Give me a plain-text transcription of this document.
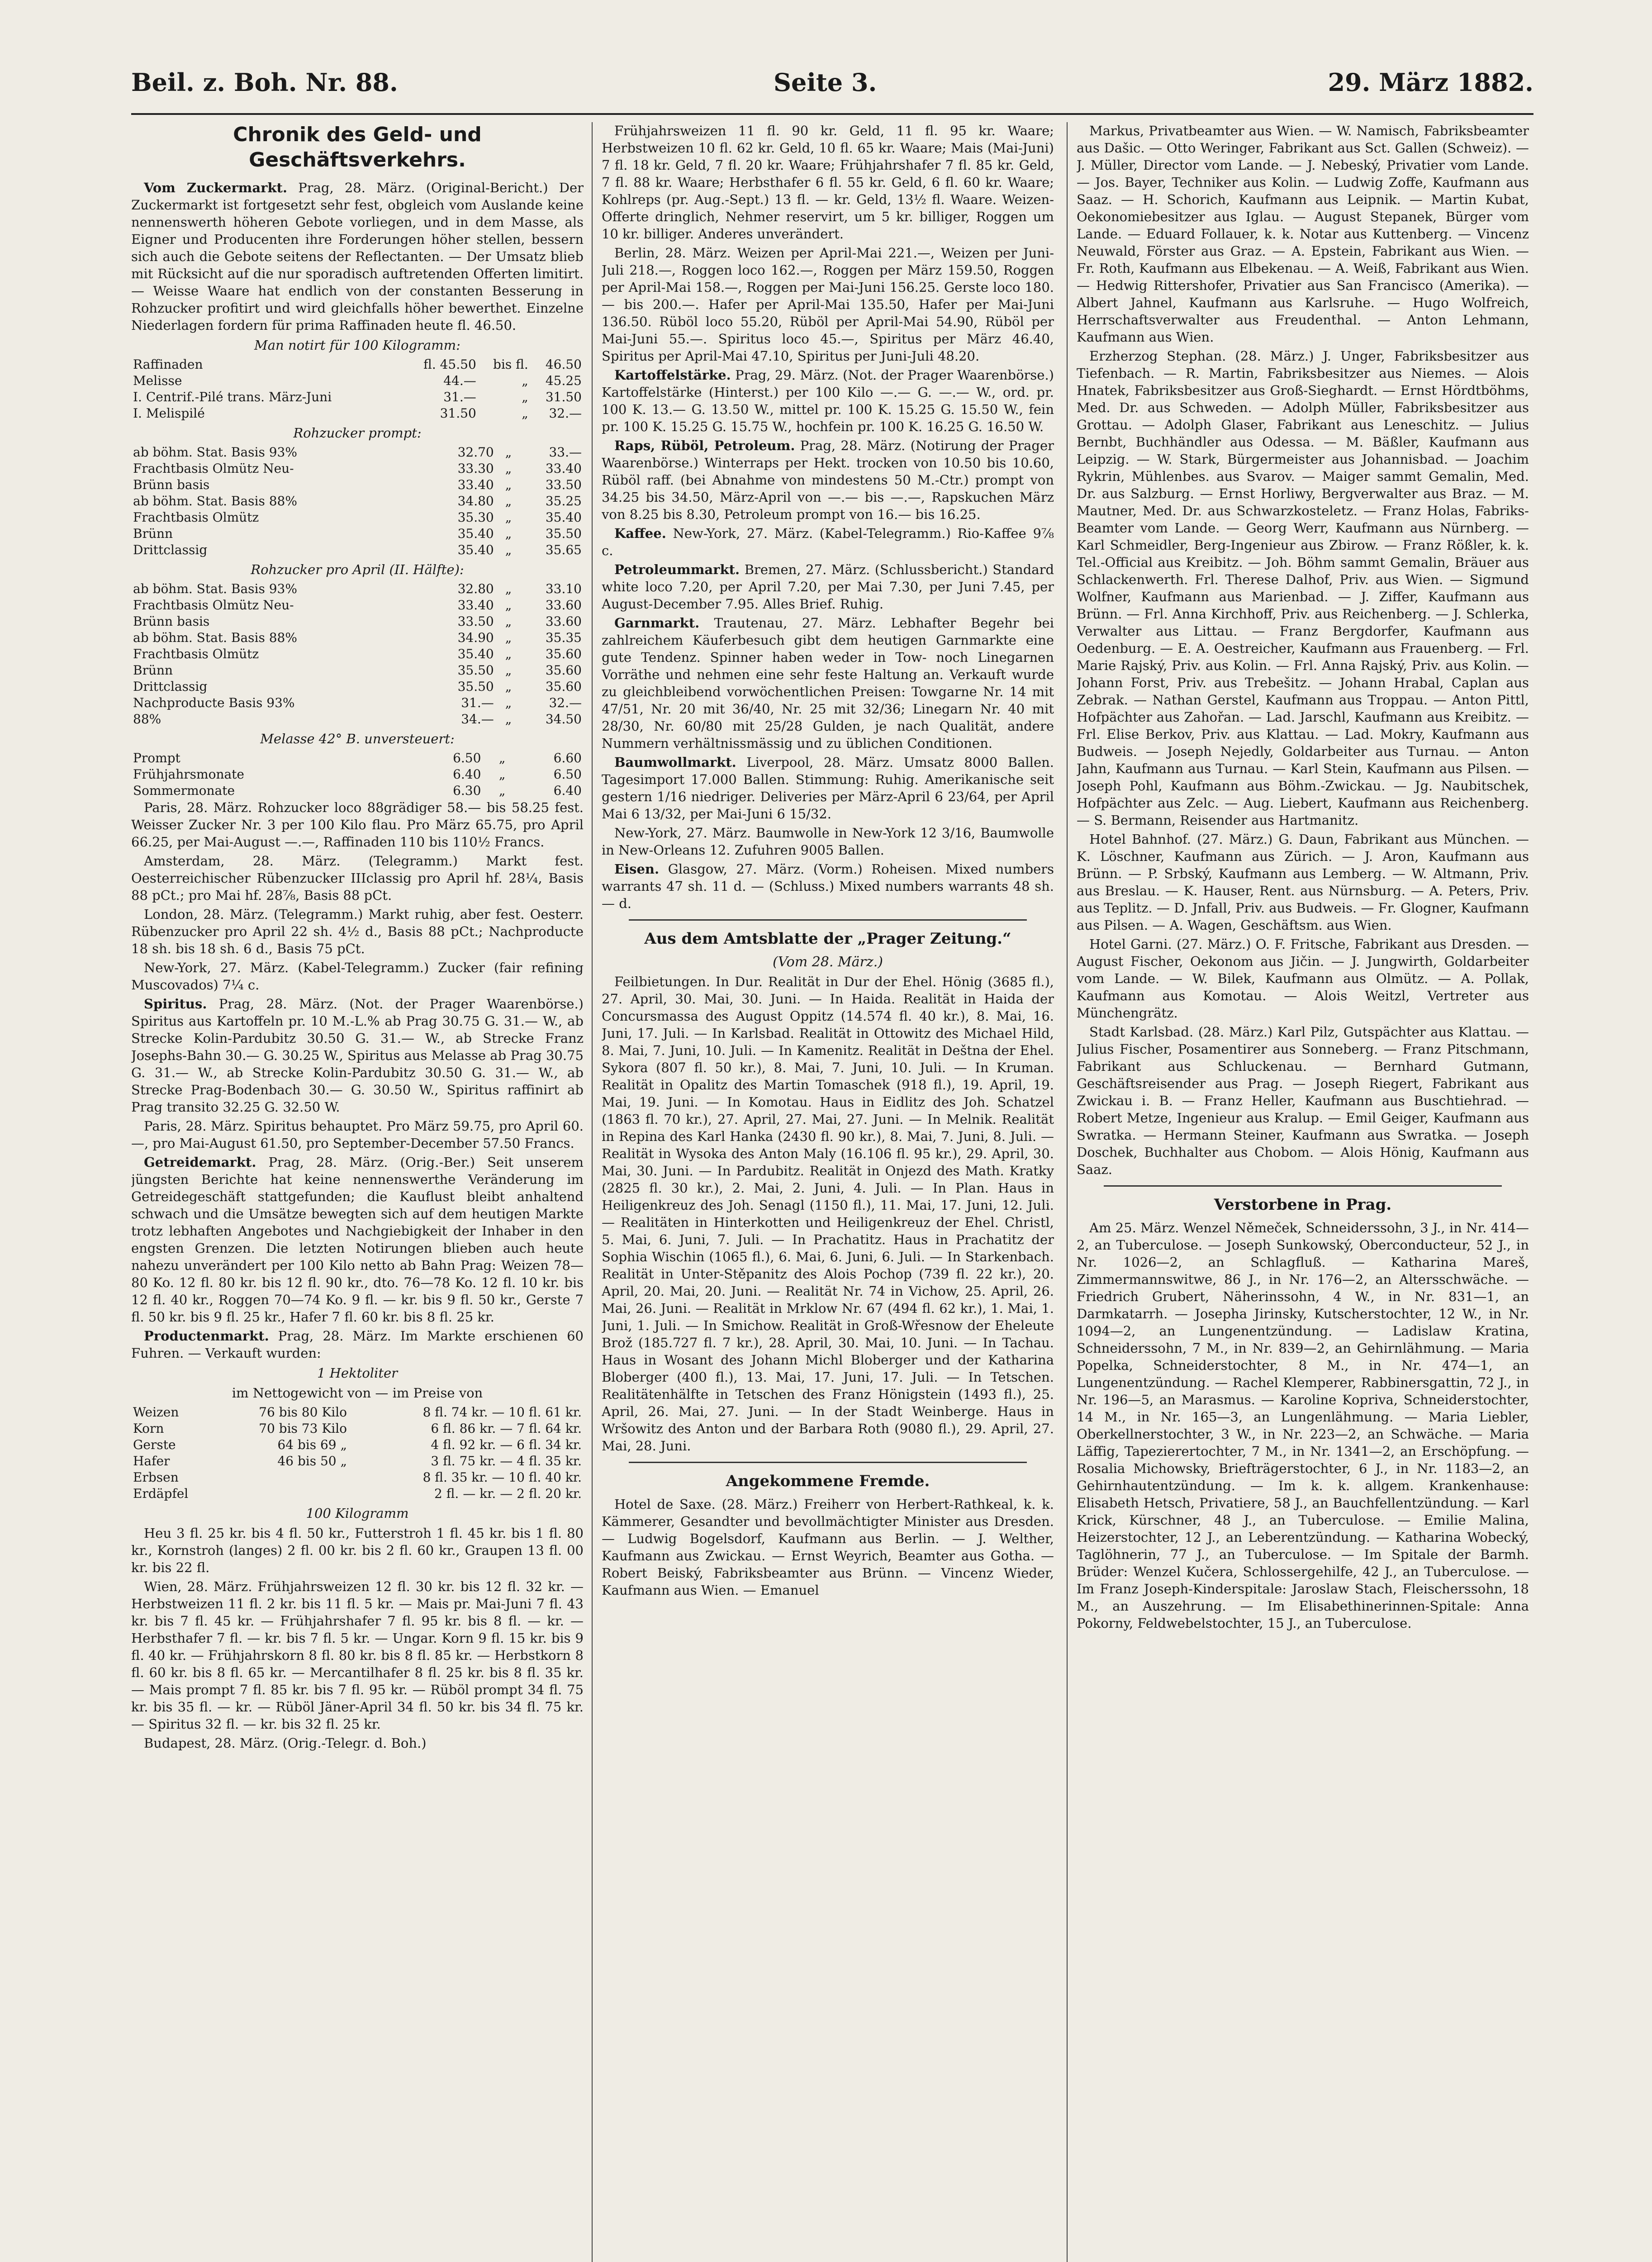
Beil. z. Boh. Nr. 88.	Seite 3.	29. März 1882.
Chronik des Geld- und Geschäftsverkehrs.

Vom Zuckermarkt. Prag, 28. März. (Original-Bericht.) Der Zuckermarkt ist fortgesetzt sehr fest, obgleich vom Auslande keine nennenswerth höheren Gebote vorliegen, und in dem Masse, als Eigner und Producenten ihre Forderungen höher stellen, bessern sich auch die Gebote seitens der Reflectanten. — Der Umsatz blieb mit Rücksicht auf die nur sporadisch auftretenden Offerten limitirt. — Weisse Waare hat endlich von der constanten Besserung in Rohzucker profitirt und wird gleichfalls höher bewerthet. Einzelne Niederlagen fordern für prima Raffinaden heute fl. 46.50.

Man notirt für 100 Kilogramm:

Raffinaden	fl. 45.50	bis fl.	46.50
Melisse	44.—	„	45.25
I. Centrif.-Pilé trans. März-Juni	31.—	„	31.50
I. Melispilé	31.50	„	32.—

Rohzucker prompt:

ab böhm. Stat. Basis 93%	32.70	„	33.—
Frachtbasis Olmütz Neu-	33.30	„	33.40
Brünn basis	33.40	„	33.50
ab böhm. Stat. Basis 88%	34.80	„	35.25
Frachtbasis Olmütz	35.30	„	35.40
Brünn	35.40	„	35.50
Drittclassig	35.40	„	35.65

Rohzucker pro April (II. Hälfte):

ab böhm. Stat. Basis 93%	32.80	„	33.10
Frachtbasis Olmütz Neu-	33.40	„	33.60
Brünn basis	33.50	„	33.60
ab böhm. Stat. Basis 88%	34.90	„	35.35
Frachtbasis Olmütz	35.40	„	35.60
Brünn	35.50	„	35.60
Drittclassig	35.50	„	35.60
Nachproducte Basis 93%	31.—	„	32.—
88%	34.—	„	34.50

Melasse 42° B. unversteuert:

Prompt	6.50	„	6.60
Frühjahrsmonate	6.40	„	6.50
Sommermonate	6.30	„	6.40

Paris, 28. März. Rohzucker loco 88grädiger 58.— bis 58.25 fest. Weisser Zucker Nr. 3 per 100 Kilo flau. Pro März 65.75, pro April 66.25, per Mai-August —.—, Raffinaden 110 bis 110½ Francs.

Amsterdam, 28. März. (Telegramm.) Markt fest. Oesterreichischer Rübenzucker IIIclassig pro April hf. 28¼, Basis 88 pCt.; pro Mai hf. 28⅞, Basis 88 pCt.

London, 28. März. (Telegramm.) Markt ruhig, aber fest. Oesterr. Rübenzucker pro April 22 sh. 4½ d., Basis 88 pCt.; Nachproducte 18 sh. bis 18 sh. 6 d., Basis 75 pCt.

New-York, 27. März. (Kabel-Telegramm.) Zucker (fair refining Muscovados) 7¼ c.

Spiritus. Prag, 28. März. (Not. der Prager Waarenbörse.) Spiritus aus Kartoffeln pr. 10 M.-L.% ab Prag 30.75 G. 31.— W., ab Strecke Kolin-Pardubitz 30.50 G. 31.— W., ab Strecke Franz Josephs-Bahn 30.— G. 30.25 W., Spiritus aus Melasse ab Prag 30.75 G. 31.— W., ab Strecke Kolin-Pardubitz 30.50 G. 31.— W., ab Strecke Prag-Bodenbach 30.— G. 30.50 W., Spiritus raffinirt ab Prag transito 32.25 G. 32.50 W.

Paris, 28. März. Spiritus behauptet. Pro März 59.75, pro April 60.—, pro Mai-August 61.50, pro September-December 57.50 Francs.

Getreidemarkt. Prag, 28. März. (Orig.-Ber.) Seit unserem jüngsten Berichte hat keine nennenswerthe Veränderung im Getreidegeschäft stattgefunden; die Kauflust bleibt anhaltend schwach und die Umsätze bewegten sich auf dem heutigen Markte trotz lebhaften Angebotes und Nachgiebigkeit der Inhaber in den engsten Grenzen. Die letzten Notirungen blieben auch heute nahezu unverändert per 100 Kilo netto ab Bahn Prag: Weizen 78—80 Ko. 12 fl. 80 kr. bis 12 fl. 90 kr., dto. 76—78 Ko. 12 fl. 10 kr. bis 12 fl. 40 kr., Roggen 70—74 Ko. 9 fl. — kr. bis 9 fl. 50 kr., Gerste 7 fl. 50 kr. bis 9 fl. 25 kr., Hafer 7 fl. 60 kr. bis 8 fl. 25 kr.

Productenmarkt. Prag, 28. März. Im Markte erschienen 60 Fuhren. — Verkauft wurden:

1 Hektoliter

im Nettogewicht von — im Preise von

Weizen	76 bis 80 Kilo	8 fl. 74 kr. — 10 fl. 61 kr.
Korn	70 bis 73 Kilo	6 fl. 86 kr. — 7 fl. 64 kr.
Gerste	64 bis 69 „	4 fl. 92 kr. — 6 fl. 34 kr.
Hafer	46 bis 50 „	3 fl. 75 kr. — 4 fl. 35 kr.
Erbsen		8 fl. 35 kr. — 10 fl. 40 kr.
Erdäpfel		2 fl. — kr. — 2 fl. 20 kr.

100 Kilogramm

Heu 3 fl. 25 kr. bis 4 fl. 50 kr., Futterstroh 1 fl. 45 kr. bis 1 fl. 80 kr., Kornstroh (langes) 2 fl. 00 kr. bis 2 fl. 60 kr., Graupen 13 fl. 00 kr. bis 22 fl.

Wien, 28. März. Frühjahrsweizen 12 fl. 30 kr. bis 12 fl. 32 kr. — Herbstweizen 11 fl. 2 kr. bis 11 fl. 5 kr. — Mais pr. Mai-Juni 7 fl. 43 kr. bis 7 fl. 45 kr. — Frühjahrshafer 7 fl. 95 kr. bis 8 fl. — kr. — Herbsthafer 7 fl. — kr. bis 7 fl. 5 kr. — Ungar. Korn 9 fl. 15 kr. bis 9 fl. 40 kr. — Frühjahrskorn 8 fl. 80 kr. bis 8 fl. 85 kr. — Herbstkorn 8 fl. 60 kr. bis 8 fl. 65 kr. — Mercantilhafer 8 fl. 25 kr. bis 8 fl. 35 kr. — Mais prompt 7 fl. 85 kr. bis 7 fl. 95 kr. — Rüböl prompt 34 fl. 75 kr. bis 35 fl. — kr. — Rüböl Jäner-April 34 fl. 50 kr. bis 34 fl. 75 kr. — Spiritus 32 fl. — kr. bis 32 fl. 25 kr.

Budapest, 28. März. (Orig.-Telegr. d. Boh.)

Frühjahrsweizen 11 fl. 90 kr. Geld, 11 fl. 95 kr. Waare; Herbstweizen 10 fl. 62 kr. Geld, 10 fl. 65 kr. Waare; Mais (Mai-Juni) 7 fl. 18 kr. Geld, 7 fl. 20 kr. Waare; Frühjahrshafer 7 fl. 85 kr. Geld, 7 fl. 88 kr. Waare; Herbsthafer 6 fl. 55 kr. Geld, 6 fl. 60 kr. Waare; Kohlreps (pr. Aug.-Sept.) 13 fl. — kr. Geld, 13½ fl. Waare. Weizen-Offerte dringlich, Nehmer reservirt, um 5 kr. billiger, Roggen um 10 kr. billiger. Anderes unverändert.

Berlin, 28. März. Weizen per April-Mai 221.—, Weizen per Juni-Juli 218.—, Roggen loco 162.—, Roggen per März 159.50, Roggen per April-Mai 158.—, Roggen per Mai-Juni 156.25. Gerste loco 180.— bis 200.—. Hafer per April-Mai 135.50, Hafer per Mai-Juni 136.50. Rüböl loco 55.20, Rüböl per April-Mai 54.90, Rüböl per Mai-Juni 55.—. Spiritus loco 45.—, Spiritus per März 46.40, Spiritus per April-Mai 47.10, Spiritus per Juni-Juli 48.20.

Kartoffelstärke. Prag, 29. März. (Not. der Prager Waarenbörse.) Kartoffelstärke (Hinterst.) per 100 Kilo —.— G. —.— W., ord. pr. 100 K. 13.— G. 13.50 W., mittel pr. 100 K. 15.25 G. 15.50 W., fein pr. 100 K. 15.25 G. 15.75 W., hochfein pr. 100 K. 16.25 G. 16.50 W.

Raps, Rüböl, Petroleum. Prag, 28. März. (Notirung der Prager Waarenbörse.) Winterraps per Hekt. trocken von 10.50 bis 10.60, Rüböl raff. (bei Abnahme von mindestens 50 M.-Ctr.) prompt von 34.25 bis 34.50, März-April von —.— bis —.—, Rapskuchen März von 8.25 bis 8.30, Petroleum prompt von 16.— bis 16.25.

Kaffee. New-York, 27. März. (Kabel-Telegramm.) Rio-Kaffee 9⅞ c.

Petroleummarkt. Bremen, 27. März. (Schlussbericht.) Standard white loco 7.20, per April 7.20, per Mai 7.30, per Juni 7.45, per August-December 7.95. Alles Brief. Ruhig.

Garnmarkt. Trautenau, 27. März. Lebhafter Begehr bei zahlreichem Käuferbesuch gibt dem heutigen Garnmarkte eine gute Tendenz. Spinner haben weder in Tow- noch Linegarnen Vorräthe und nehmen eine sehr feste Haltung an. Verkauft wurde zu gleichbleibend vorwöchentlichen Preisen: Towgarne Nr. 14 mit 47/51, Nr. 20 mit 36/40, Nr. 25 mit 32/36; Linegarn Nr. 40 mit 28/30, Nr. 60/80 mit 25/28 Gulden, je nach Qualität, andere Nummern verhältnissmässig und zu üblichen Conditionen.

Baumwollmarkt. Liverpool, 28. März. Umsatz 8000 Ballen. Tagesimport 17.000 Ballen. Stimmung: Ruhig. Amerikanische seit gestern 1/16 niedriger. Deliveries per März-April 6 23/64, per April Mai 6 13/32, per Mai-Juni 6 15/32.

New-York, 27. März. Baumwolle in New-York 12 3/16, Baumwolle in New-Orleans 12. Zufuhren 9005 Ballen.

Eisen. Glasgow, 27. März. (Vorm.) Roheisen. Mixed numbers warrants 47 sh. 11 d. — (Schluss.) Mixed numbers warrants 48 sh. — d.

Aus dem Amtsblatte der „Prager Zeitung.“
(Vom 28. März.)

Feilbietungen. In Dur. Realität in Dur der Ehel. Hönig (3685 fl.), 27. April, 30. Mai, 30. Juni. — In Haida. Realität in Haida der Concursmassa des August Oppitz (14.574 fl. 40 kr.), 8. Mai, 16. Juni, 17. Juli. — In Karlsbad. Realität in Ottowitz des Michael Hild, 8. Mai, 7. Juni, 10. Juli. — In Kamenitz. Realität in Deštna der Ehel. Sykora (807 fl. 50 kr.), 8. Mai, 7. Juni, 10. Juli. — In Kruman. Realität in Opalitz des Martin Tomaschek (918 fl.), 19. April, 19. Mai, 19. Juni. — In Komotau. Haus in Eidlitz des Joh. Schatzel (1863 fl. 70 kr.), 27. April, 27. Mai, 27. Juni. — In Melnik. Realität in Repina des Karl Hanka (2430 fl. 90 kr.), 8. Mai, 7. Juni, 8. Juli. — Realität in Wysoka des Anton Maly (16.106 fl. 95 kr.), 29. April, 30. Mai, 30. Juni. — In Pardubitz. Realität in Onjezd des Math. Kratky (2825 fl. 30 kr.), 2. Mai, 2. Juni, 4. Juli. — In Plan. Haus in Heiligenkreuz des Joh. Senagl (1150 fl.), 11. Mai, 17. Juni, 12. Juli. — Realitäten in Hinterkotten und Heiligenkreuz der Ehel. Christl, 5. Mai, 6. Juni, 7. Juli. — In Prachatitz. Haus in Prachatitz der Sophia Wischin (1065 fl.), 6. Mai, 6. Juni, 6. Juli. — In Starkenbach. Realität in Unter-Stěpanitz des Alois Pochop (739 fl. 22 kr.), 20. April, 20. Mai, 20. Juni. — Realität Nr. 74 in Vichow, 25. April, 26. Mai, 26. Juni. — Realität in Mrklow Nr. 67 (494 fl. 62 kr.), 1. Mai, 1. Juni, 1. Juli. — In Smichow. Realität in Groß-Wřesnow der Eheleute Brož (185.727 fl. 7 kr.), 28. April, 30. Mai, 10. Juni. — In Tachau. Haus in Wosant des Johann Michl Bloberger und der Katharina Bloberger (400 fl.), 13. Mai, 17. Juni, 17. Juli. — In Tetschen. Realitätenhälfte in Tetschen des Franz Hönigstein (1493 fl.), 25. April, 26. Mai, 27. Juni. — In der Stadt Weinberge. Haus in Wršowitz des Anton und der Barbara Roth (9080 fl.), 29. April, 27. Mai, 28. Juni.

Angekommene Fremde.

Hotel de Saxe. (28. März.) Freiherr von Herbert-Rathkeal, k. k. Kämmerer, Gesandter und bevollmächtigter Minister aus Dresden. — Ludwig Bogelsdorf, Kaufmann aus Berlin. — J. Welther, Kaufmann aus Zwickau. — Ernst Weyrich, Beamter aus Gotha. — Robert Beiský, Fabriksbeamter aus Brünn. — Vincenz Wieder, Kaufmann aus Wien. — Emanuel

Markus, Privatbeamter aus Wien. — W. Namisch, Fabriksbeamter aus Dašic. — Otto Weringer, Fabrikant aus Sct. Gallen (Schweiz). — J. Müller, Director vom Lande. — J. Nebeský, Privatier vom Lande. — Jos. Bayer, Techniker aus Kolin. — Ludwig Zoffe, Kaufmann aus Saaz. — H. Schorich, Kaufmann aus Leipnik. — Martin Kubat, Oekonomiebesitzer aus Iglau. — August Stepanek, Bürger vom Lande. — Eduard Follauer, k. k. Notar aus Kuttenberg. — Vincenz Neuwald, Förster aus Graz. — A. Epstein, Fabrikant aus Wien. — Fr. Roth, Kaufmann aus Elbekenau. — A. Weiß, Fabrikant aus Wien. — Hedwig Rittershofer, Privatier aus San Francisco (Amerika). — Albert Jahnel, Kaufmann aus Karlsruhe. — Hugo Wolfreich, Herrschaftsverwalter aus Freudenthal. — Anton Lehmann, Kaufmann aus Wien.

Erzherzog Stephan. (28. März.) J. Unger, Fabriksbesitzer aus Tiefenbach. — R. Martin, Fabriksbesitzer aus Niemes. — Alois Hnatek, Fabriksbesitzer aus Groß-Sieghardt. — Ernst Hördtböhms, Med. Dr. aus Schweden. — Adolph Müller, Fabriksbesitzer aus Grottau. — Adolph Glaser, Fabrikant aus Leneschitz. — Julius Bernbt, Buchhändler aus Odessa. — M. Bäßler, Kaufmann aus Leipzig. — W. Stark, Bürgermeister aus Johannisbad. — Joachim Rykrin, Mühlenbes. aus Svarov. — Maiger sammt Gemalin, Med. Dr. aus Salzburg. — Ernst Horliwy, Bergverwalter aus Braz. — M. Mautner, Med. Dr. aus Schwarzkosteletz. — Franz Holas, Fabriks-Beamter vom Lande. — Georg Werr, Kaufmann aus Nürnberg. — Karl Schmeidler, Berg-Ingenieur aus Zbirow. — Franz Rößler, k. k. Tel.-Official aus Kreibitz. — Joh. Böhm sammt Gemalin, Bräuer aus Schlackenwerth. Frl. Therese Dalhof, Priv. aus Wien. — Sigmund Wolfner, Kaufmann aus Marienbad. — J. Ziffer, Kaufmann aus Brünn. — Frl. Anna Kirchhoff, Priv. aus Reichenberg. — J. Schlerka, Verwalter aus Littau. — Franz Bergdorfer, Kaufmann aus Oedenburg. — E. A. Oestreicher, Kaufmann aus Frauenberg. — Frl. Marie Rajský, Priv. aus Kolin. — Frl. Anna Rajský, Priv. aus Kolin. — Johann Forst, Priv. aus Trebešitz. — Johann Hrabal, Caplan aus Zebrak. — Nathan Gerstel, Kaufmann aus Troppau. — Anton Pittl, Hofpächter aus Zahořan. — Lad. Jarschl, Kaufmann aus Kreibitz. — Frl. Elise Berkov, Priv. aus Klattau. — Lad. Mokry, Kaufmann aus Budweis. — Joseph Nejedly, Goldarbeiter aus Turnau. — Anton Jahn, Kaufmann aus Turnau. — Karl Stein, Kaufmann aus Pilsen. — Joseph Pohl, Kaufmann aus Böhm.-Zwickau. — Jg. Naubitschek, Hofpächter aus Zelc. — Aug. Liebert, Kaufmann aus Reichenberg. — S. Bermann, Reisender aus Hartmanitz.

Hotel Bahnhof. (27. März.) G. Daun, Fabrikant aus München. — K. Löschner, Kaufmann aus Zürich. — J. Aron, Kaufmann aus Brünn. — P. Srbský, Kaufmann aus Lemberg. — W. Altmann, Priv. aus Breslau. — K. Hauser, Rent. aus Nürnsburg. — A. Peters, Priv. aus Teplitz. — D. Jnfall, Priv. aus Budweis. — Fr. Glogner, Kaufmann aus Pilsen. — A. Wagen, Geschäftsm. aus Wien.

Hotel Garni. (27. März.) O. F. Fritsche, Fabrikant aus Dresden. — August Fischer, Oekonom aus Jičin. — J. Jungwirth, Goldarbeiter vom Lande. — W. Bilek, Kaufmann aus Olmütz. — A. Pollak, Kaufmann aus Komotau. — Alois Weitzl, Vertreter aus Münchengrätz.

Stadt Karlsbad. (28. März.) Karl Pilz, Gutspächter aus Klattau. — Julius Fischer, Posamentirer aus Sonneberg. — Franz Pitschmann, Fabrikant aus Schluckenau. — Bernhard Gutmann, Geschäftsreisender aus Prag. — Joseph Riegert, Fabrikant aus Zwickau i. B. — Franz Heller, Kaufmann aus Buschtiehrad. — Robert Metze, Ingenieur aus Kralup. — Emil Geiger, Kaufmann aus Swratka. — Hermann Steiner, Kaufmann aus Swratka. — Joseph Doschek, Buchhalter aus Chobom. — Alois Hönig, Kaufmann aus Saaz.

Verstorbene in Prag.

Am 25. März. Wenzel Němeček, Schneiderssohn, 3 J., in Nr. 414—2, an Tuberculose. — Joseph Sunkowský, Oberconducteur, 52 J., in Nr. 1026—2, an Schlagfluß. — Katharina Mareš, Zimmermannswitwe, 86 J., in Nr. 176—2, an Altersschwäche. — Friedrich Grubert, Näherinssohn, 4 W., in Nr. 831—1, an Darmkatarrh. — Josepha Jirinsky, Kutscherstochter, 12 W., in Nr. 1094—2, an Lungenentzündung. — Ladislaw Kratina, Schneiderssohn, 7 M., in Nr. 839—2, an Gehirnlähmung. — Maria Popelka, Schneiderstochter, 8 M., in Nr. 474—1, an Lungenentzündung. — Rachel Klemperer, Rabbinersgattin, 72 J., in Nr. 196—5, an Marasmus. — Karoline Kopriva, Schneiderstochter, 14 M., in Nr. 165—3, an Lungenlähmung. — Maria Liebler, Oberkellnerstochter, 3 W., in Nr. 223—2, an Schwäche. — Maria Läffig, Tapezierertochter, 7 M., in Nr. 1341—2, an Erschöpfung. — Rosalia Michowsky, Briefträgerstochter, 6 J., in Nr. 1183—2, an Gehirnhautentzündung. — Im k. k. allgem. Krankenhause: Elisabeth Hetsch, Privatiere, 58 J., an Bauchfellentzündung. — Karl Krick, Kürschner, 48 J., an Tuberculose. — Emilie Malina, Heizerstochter, 12 J., an Leberentzündung. — Katharina Wobecký, Taglöhnerin, 77 J., an Tuberculose. — Im Spitale der Barmh. Brüder: Wenzel Kučera, Schlossergehilfe, 42 J., an Tuberculose. — Im Franz Joseph-Kinderspitale: Jaroslaw Stach, Fleischerssohn, 18 M., an Auszehrung. — Im Elisabethinerinnen-Spitale: Anna Pokorny, Feldwebelstochter, 15 J., an Tuberculose.
